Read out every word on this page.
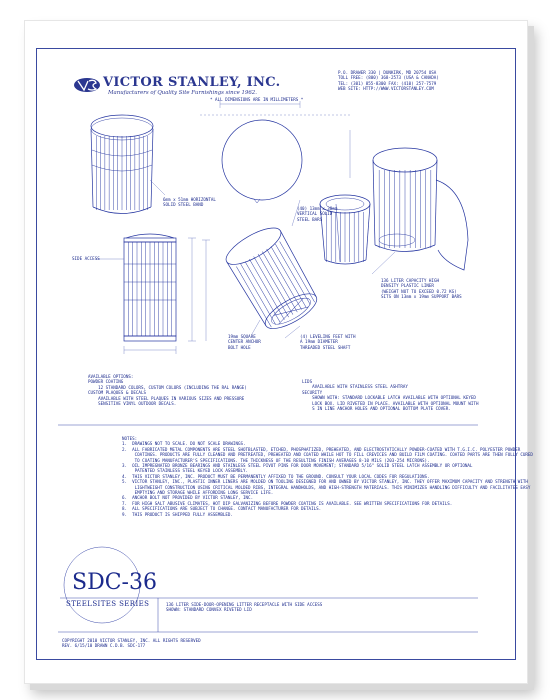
VICTOR STANLEY, INC.
Manufacturers of Quality Site Furnishings since 1962.
P.O. DRAWER 330 | DUNKIRK, MD 20754 USA
TOLL FREE: (800) 368-2573 (USA & CANADA)
TEL: (301) 855-8300 FAX: (410) 257-7579
WEB SITE: HTTP://WWW.VICTORSTANLEY.COM
* ALL DIMENSIONS ARE IN MILLIMETERS *
6mm x 51mm HORIZONTAL
SOLID STEEL BAND
(40) 13mm x 38mm
VERTICAL SOLID
STEEL BARS
136 LITER CAPACITY HIGH
DENSITY PLASTIC LINER
(WEIGHT NOT TO EXCEED 0.72 KG)
SITS ON 13mm x 19mm SUPPORT BARS
SIDE ACCESS
19mm SQUARE
CENTER ANCHOR
BOLT HOLE
(4) LEVELING FEET WITH
A 19mm DIAMETER
THREADED STEEL SHAFT
AVAILABLE OPTIONS:
POWDER COATING
12 STANDARD COLORS, CUSTOM COLORS (INCLUDING THE RAL RANGE)
CUSTOM PLAQUES & DECALS
AVAILABLE WITH STEEL PLAQUES IN VARIOUS SIZES AND PRESSURE
SENSITIVE VINYL OUTDOOR DECALS.
LIDS
AVAILABLE WITH STAINLESS STEEL ASHTRAY
SECURITY
SHOWN WITH: STANDARD LOCKABLE LATCH AVAILABLE WITH OPTIONAL KEYED
LOCK BOX. LID RIVETED IN PLACE. AVAILABLE WITH OPTIONAL MOUNT WITH
S IN LINE ANCHOR HOLES AND OPTIONAL BOTTOM PLATE COVER.
NOTES:
1.  DRAWINGS NOT TO SCALE. DO NOT SCALE DRAWINGS.
2.  ALL FABRICATED METAL COMPONENTS ARE STEEL SHOTBLASTED, ETCHED, PHOSPHATIZED, PREHEATED, AND ELECTROSTATICALLY POWDER-COATED WITH T.G.I.C. POLYESTER POWDER
COATINGS. PRODUCTS ARE FULLY CLEANED AND PRETREATED, PREHEATED AND COATED WHILE HOT TO FILL CREVICES AND BUILD FILM COATING. COATED PARTS ARE THEN FULLY CURED
TO COATING MANUFACTURER'S SPECIFICATIONS. THE THICKNESS OF THE RESULTING FINISH AVERAGES 8-10 MILS (203-254 MICRONS).
3.  OIL IMPREGNATED BRONZE BEARINGS AND STAINLESS STEEL PIVOT PINS FOR DOOR MOVEMENT; STANDARD 5/16" SOLID STEEL LATCH ASSEMBLY OR OPTIONAL
PATENTED STAINLESS STEEL KEYED LOCK ASSEMBLY.
4.  THIS VICTOR STANLEY, INC. PRODUCT MUST BE PERMANENTLY AFFIXED TO THE GROUND. CONSULT YOUR LOCAL CODES FOR REGULATIONS.
5.  VICTOR STANLEY, INC., PLASTIC INNER LINERS ARE MOLDED ON TOOLING DESIGNED FOR AND OWNED BY VICTOR STANLEY, INC. THEY OFFER MAXIMUM CAPACITY AND STRENGTH WITH
LIGHTWEIGHT CONSTRUCTION USING CRITICAL MOLDED RIBS, INTEGRAL HANDHOLDS, AND HIGH-STRENGTH MATERIALS. THIS MINIMIZES HANDLING DIFFICULTY AND FACILITATES EASY
EMPTYING AND STORAGE WHILE AFFORDING LONG SERVICE LIFE.
6.  ANCHOR BOLT NOT PROVIDED BY VICTOR STANLEY, INC.
7.  FOR HIGH SALT ABUSIVE CLIMATES, HOT DIP GALVANIZING BEFORE POWDER COATING IS AVAILABLE. SEE WRITTEN SPECIFICATIONS FOR DETAILS.
8.  ALL SPECIFICATIONS ARE SUBJECT TO CHANGE. CONTACT MANUFACTURER FOR DETAILS.
9.  THIS PRODUCT IS SHIPPED FULLY ASSEMBLED.
SDC-36
STEELSITES SERIES	136 LITER SIDE-DOOR-OPENING LITTER RECEPTACLE WITH SIDE ACCESS
SHOWN: STANDARD CONVEX RIVETED LID
COPYRIGHT 2010 VICTOR STANLEY, INC. ALL RIGHTS RESERVED
REV. 6/15/10 DRAWN C.D.B. SDC-177
